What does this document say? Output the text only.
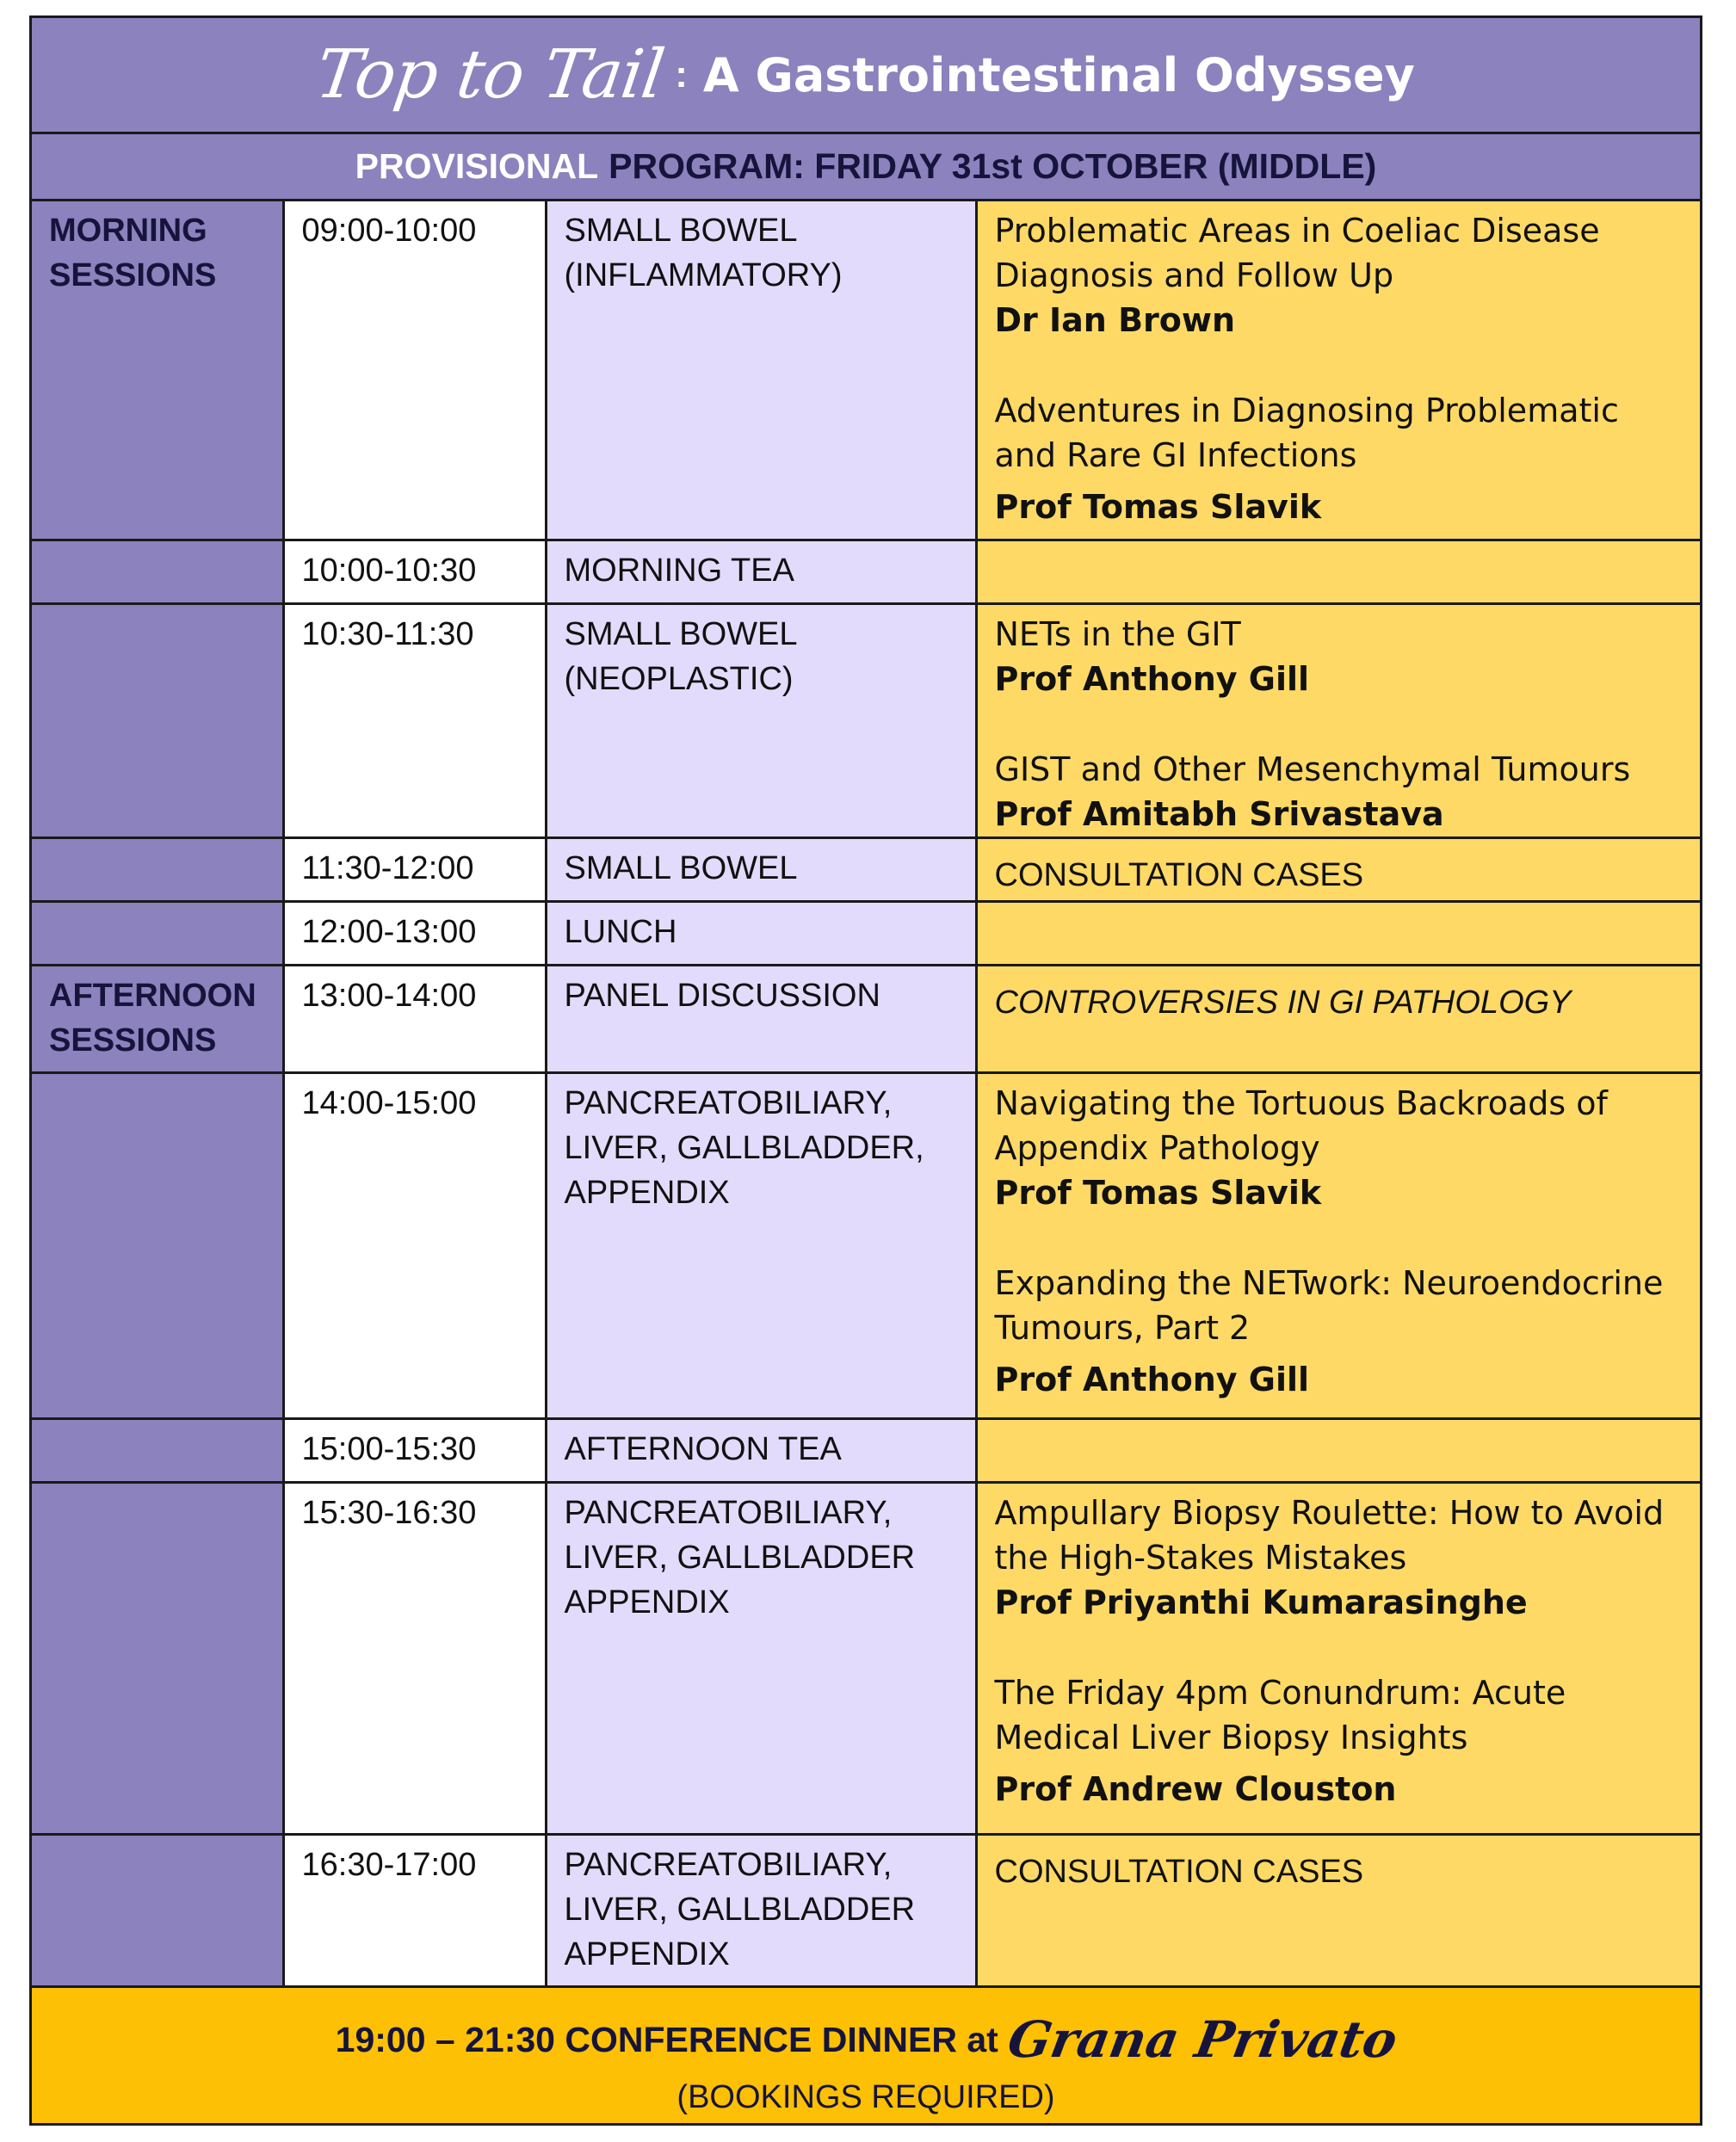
Top to Tail : A Gastrointestinal Odyssey
PROVISIONAL PROGRAM: FRIDAY 31st OCTOBER (MIDDLE)
MORNING SESSIONS	09:00-10:00	SMALL BOWEL (INFLAMMATORY)	Problematic Areas in Coeliac Disease Diagnosis and Follow Up
Dr Ian Brown
Adventures in Diagnosing Problematic and Rare GI Infections
Prof Tomas Slavik

	10:00-10:30	MORNING TEA	
	10:30-11:30	SMALL BOWEL (NEOPLASTIC)	NETs in the GIT
Prof Anthony Gill
GIST and Other Mesenchymal Tumours
Prof Amitabh Srivastava

	11:30-12:00	SMALL BOWEL	CONSULTATION CASES

	12:00-13:00	LUNCH	
AFTERNOON SESSIONS	13:00-14:00	PANEL DISCUSSION	CONTROVERSIES IN GI PATHOLOGY

	14:00-15:00	PANCREATOBILIARY, LIVER, GALLBLADDER, APPENDIX	Navigating the Tortuous Backroads of Appendix Pathology
Prof Tomas Slavik
Expanding the NETwork: Neuroendocrine Tumours, Part 2
Prof Anthony Gill

	15:00-15:30	AFTERNOON TEA	
	15:30-16:30	PANCREATOBILIARY, LIVER, GALLBLADDER APPENDIX	Ampullary Biopsy Roulette: How to Avoid the High-Stakes Mistakes
Prof Priyanthi Kumarasinghe
The Friday 4pm Conundrum: Acute Medical Liver Biopsy Insights
Prof Andrew Clouston

	16:30-17:00	PANCREATOBILIARY, LIVER, GALLBLADDER APPENDIX	CONSULTATION CASES
19:00 – 21:30 CONFERENCE DINNER at Grana Privato
(BOOKINGS REQUIRED)
